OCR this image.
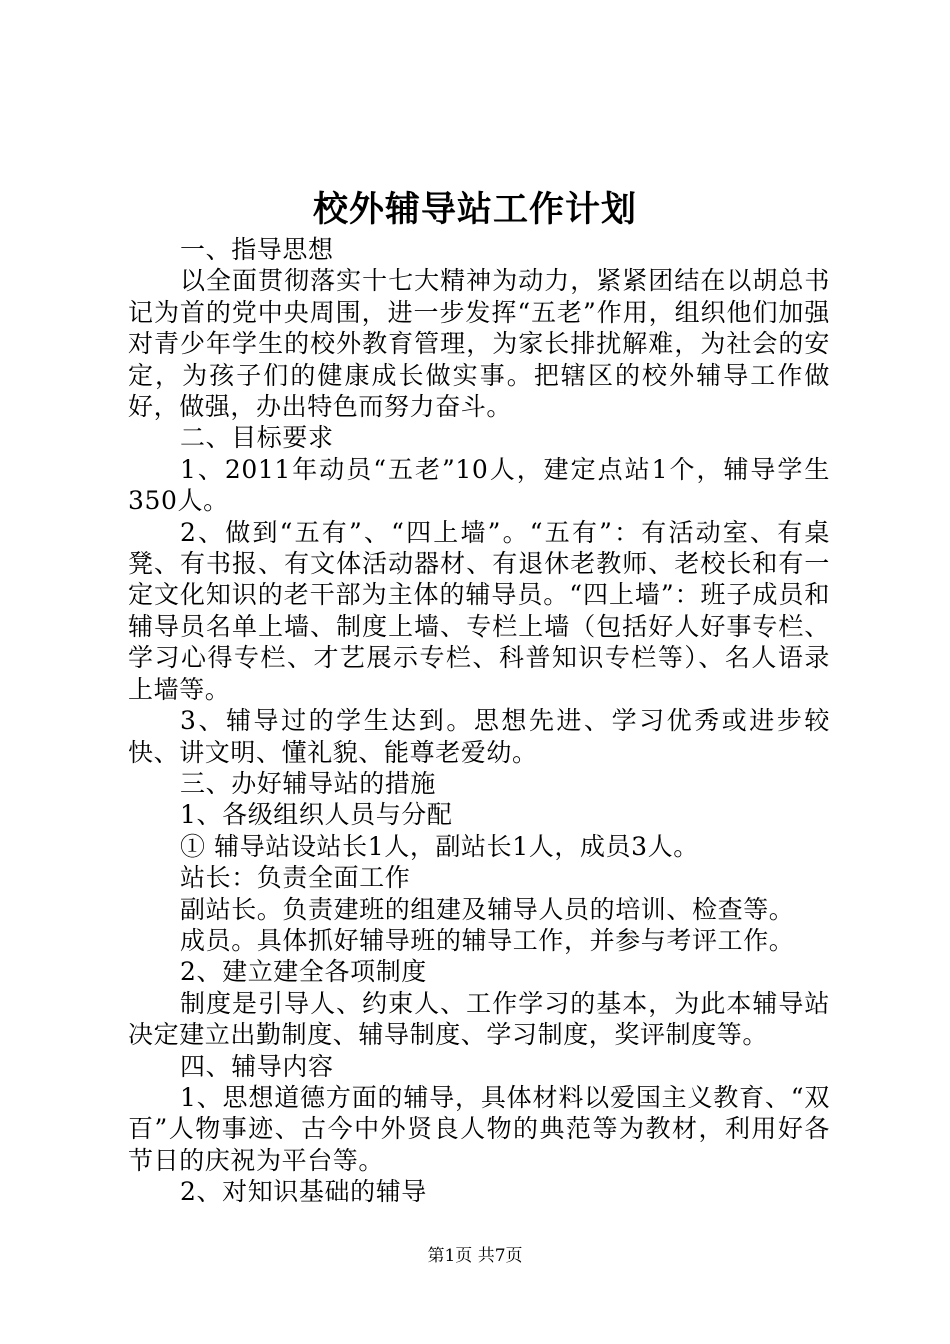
校外辅导站工作计划

一、指导思想

以全面贯彻落实十七大精神为动力，紧紧团结在以胡总书记为首的党中央周围，进一步发挥“五老”作用，组织他们加强对青少年学生的校外教育管理，为家长排扰解难，为社会的安定，为孩子们的健康成长做实事。把辖区的校外辅导工作做好，做强，办出特色而努力奋斗。

二、目标要求

1、2011年动员“五老”10人，建定点站1个，辅导学生350人。

2、做到“五有”、“四上墙”。“五有”：有活动室、有桌凳、有书报、有文体活动器材、有退休老教师、老校长和有一定文化知识的老干部为主体的辅导员。“四上墙”：班子成员和辅导员名单上墙、制度上墙、专栏上墙（包括好人好事专栏、学习心得专栏、才艺展示专栏、科普知识专栏等）、名人语录上墙等。

3、辅导过的学生达到。思想先进、学习优秀或进步较快、讲文明、懂礼貌、能尊老爱幼。

三、办好辅导站的措施

1、各级组织人员与分配

① 辅导站设站长1人，副站长1人，成员3人。

站长：负责全面工作

副站长。负责建班的组建及辅导人员的培训、检查等。

成员。具体抓好辅导班的辅导工作，并参与考评工作。

2、建立建全各项制度

制度是引导人、约束人、工作学习的基本，为此本辅导站决定建立出勤制度、辅导制度、学习制度，奖评制度等。

四、辅导内容

1、思想道德方面的辅导，具体材料以爱国主义教育、“双百”人物事迹、古今中外贤良人物的典范等为教材，利用好各节日的庆祝为平台等。

2、对知识基础的辅导

第1页 共7页
